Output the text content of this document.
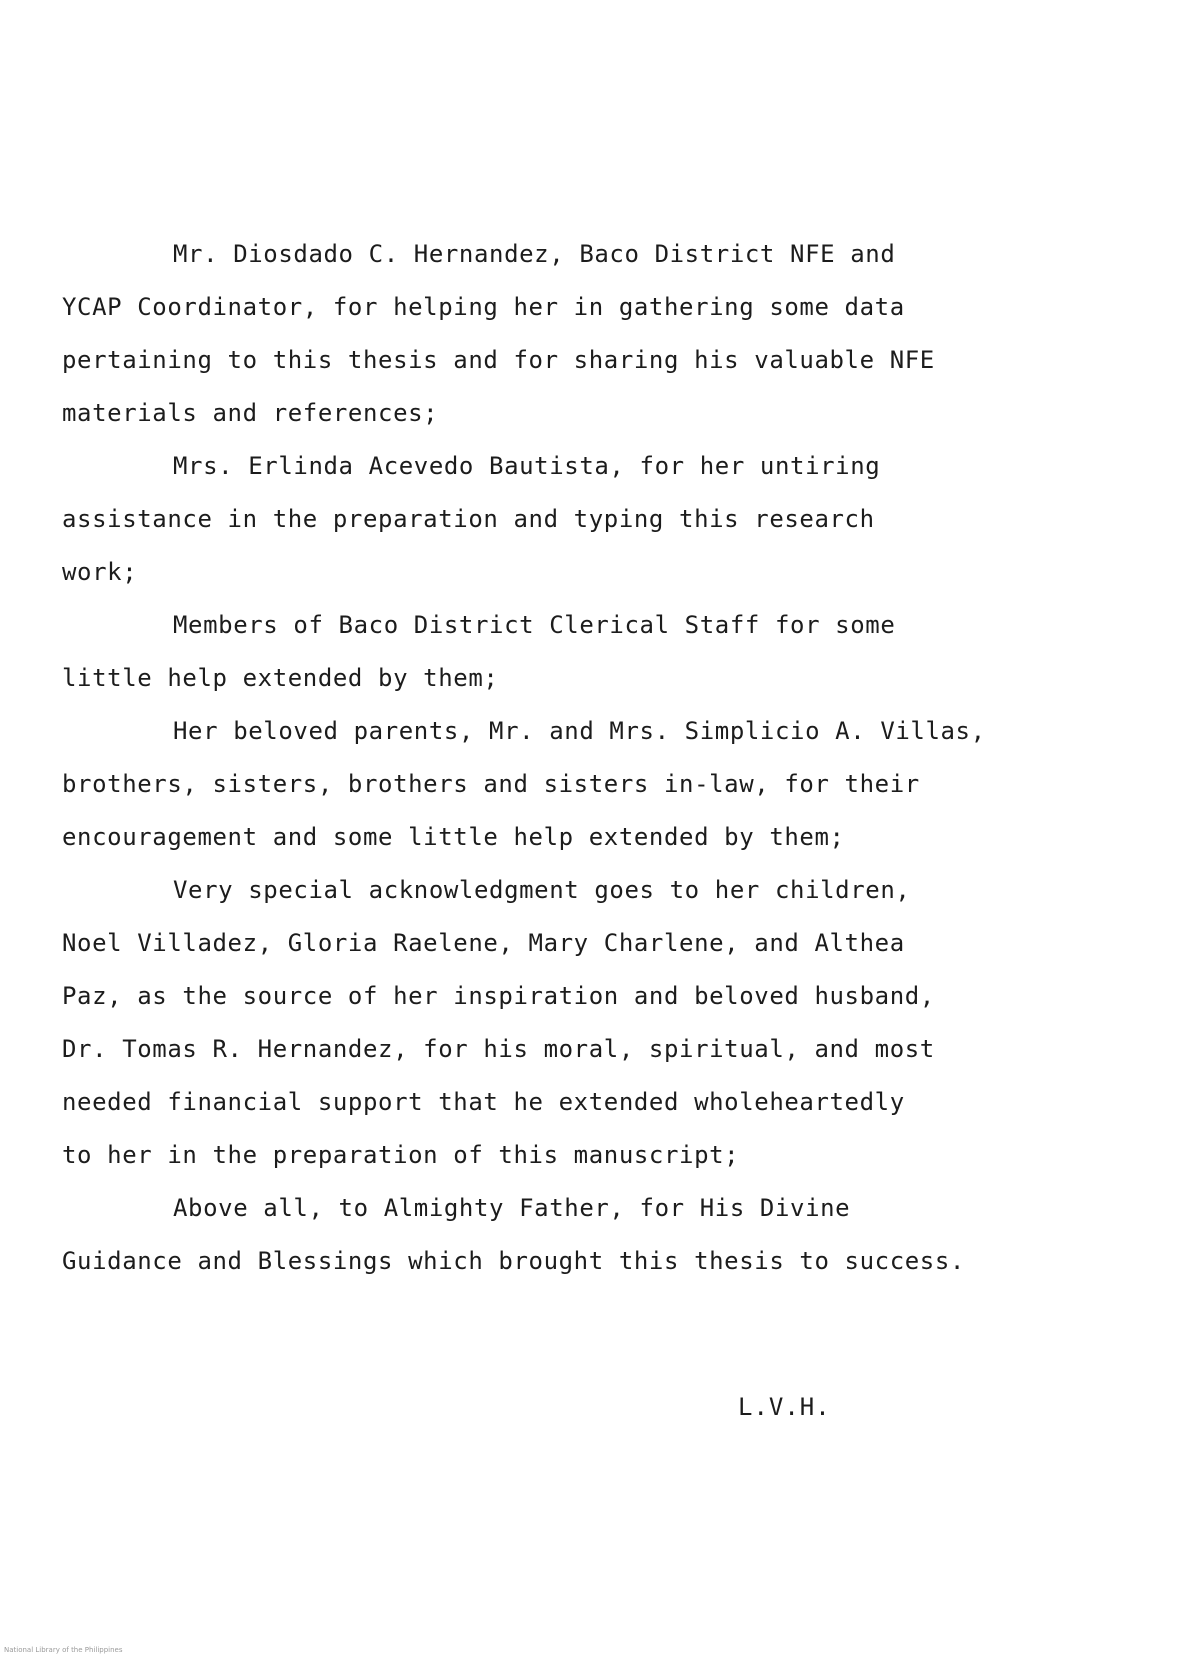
Mr. Diosdado C. Hernandez, Baco District NFE and
YCAP Coordinator, for helping her in gathering some data
pertaining to this thesis and for sharing his valuable NFE
materials and references;
Mrs. Erlinda Acevedo Bautista, for her untiring
assistance in the preparation and typing this research
work;
Members of Baco District Clerical Staff for some
little help extended by them;
Her beloved parents, Mr. and Mrs. Simplicio A. Villas,
brothers, sisters, brothers and sisters in-law, for their
encouragement and some little help extended by them;
Very special acknowledgment goes to her children,
Noel Villadez, Gloria Raelene, Mary Charlene, and Althea
Paz, as the source of her inspiration and beloved husband,
Dr. Tomas R. Hernandez, for his moral, spiritual, and most
needed financial support that he extended wholeheartedly
to her in the preparation of this manuscript;
Above all, to Almighty Father, for His Divine
Guidance and Blessings which brought this thesis to success.
L.V.H.
National Library of the Philippines
